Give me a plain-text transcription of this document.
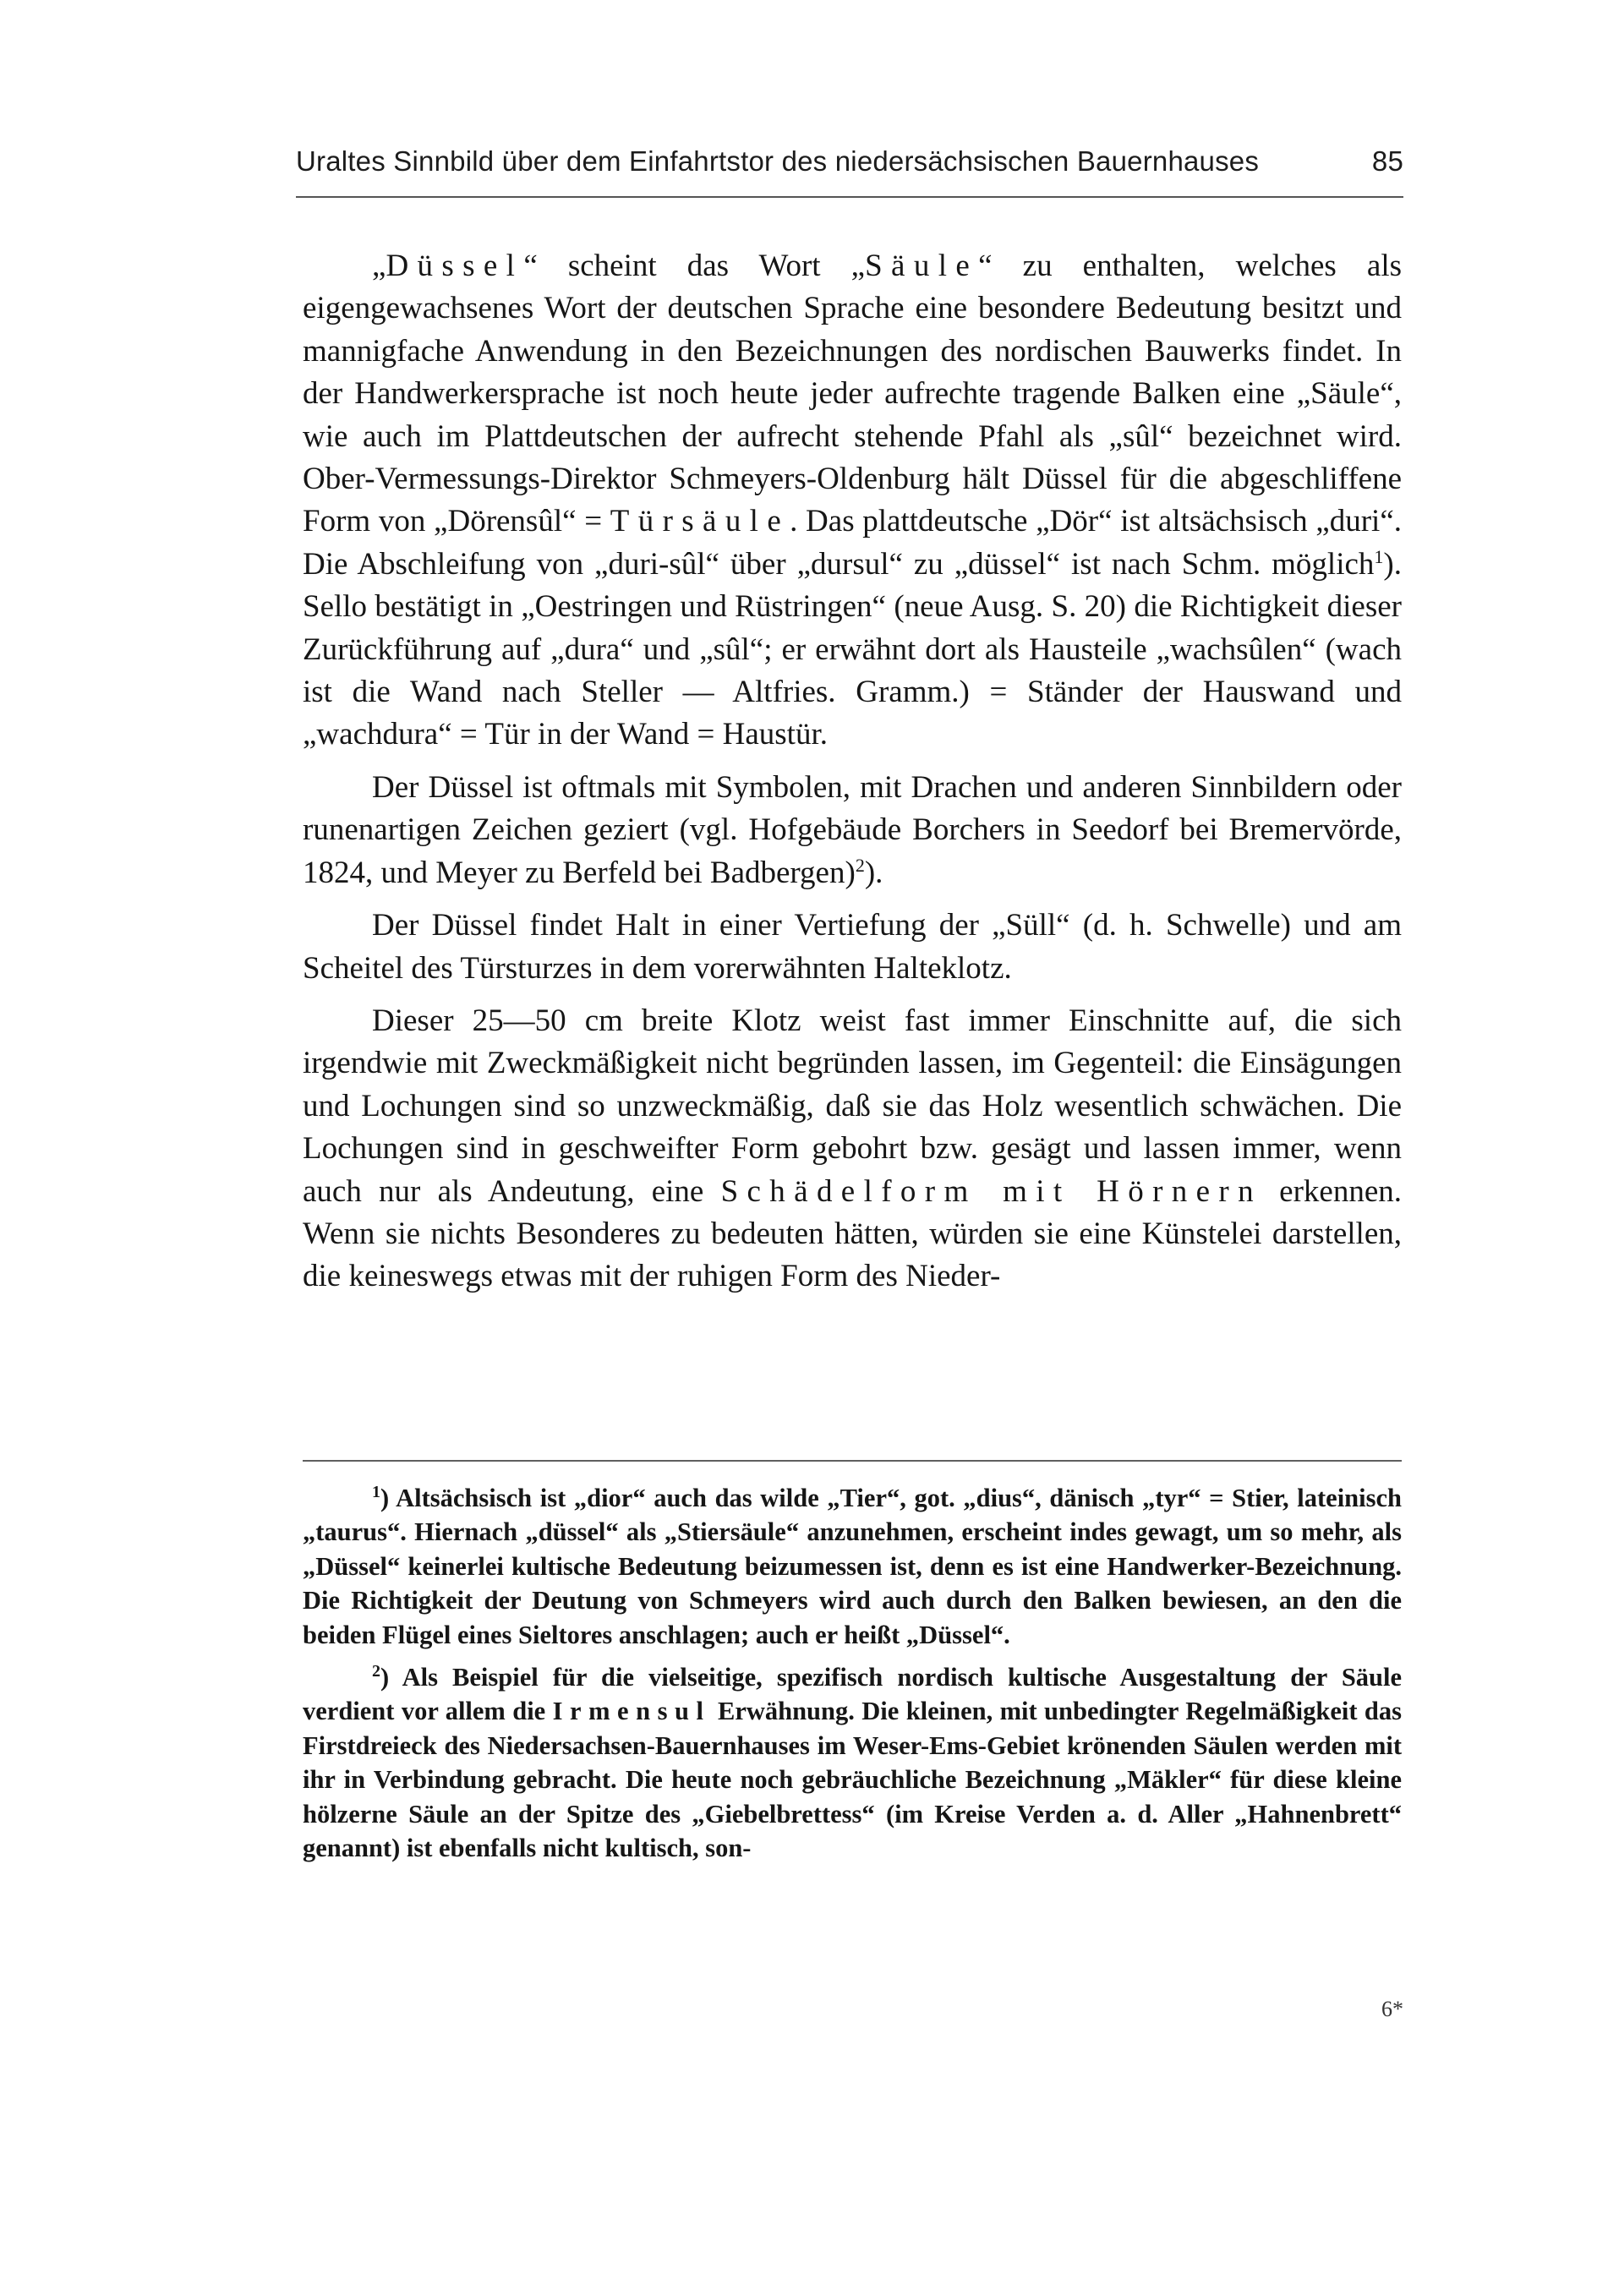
Uraltes Sinnbild über dem Einfahrtstor des niedersächsischen Bauernhauses	85

„Düssel“ scheint das Wort „Säule“ zu enthalten, welches als eigengewachsenes Wort der deutschen Sprache eine besondere Bedeutung besitzt und mannigfache Anwendung in den Bezeichnungen des nordischen Bauwerks findet. In der Handwerkersprache ist noch heute jeder aufrechte tragende Balken eine „Säule“, wie auch im Plattdeutschen der aufrecht stehende Pfahl als „sûl“ bezeichnet wird. Ober-Vermessungs-Direktor Schmeyers-Oldenburg hält Düssel für die abgeschliffene Form von „Dörensûl“ = Türsäule. Das plattdeutsche „Dör“ ist altsächsisch „duri“. Die Abschleifung von „duri-sûl“ über „dursul“ zu „düssel“ ist nach Schm. möglich$^1$). Sello bestätigt in „Oestringen und Rüstringen“ (neue Ausg. S. 20) die Richtigkeit dieser Zurückführung auf „dura“ und „sûl“; er erwähnt dort als Hausteile „wachsûlen“ (wach ist die Wand nach Steller — Altfries. Gramm.) = Ständer der Hauswand und „wachdura“ = Tür in der Wand = Haustür.

Der Düssel ist oftmals mit Symbolen, mit Drachen und anderen Sinnbildern oder runenartigen Zeichen geziert (vgl. Hofgebäude Borchers in Seedorf bei Bremervörde, 1824, und Meyer zu Berfeld bei Badbergen)$^2$).

Der Düssel findet Halt in einer Vertiefung der „Süll“ (d. h. Schwelle) und am Scheitel des Türsturzes in dem vorerwähnten Halteklotz.

Dieser 25—50 cm breite Klotz weist fast immer Einschnitte auf, die sich irgendwie mit Zweckmäßigkeit nicht begründen lassen, im Gegenteil: die Einsägungen und Lochungen sind so unzweckmäßig, daß sie das Holz wesentlich schwächen. Die Lochungen sind in geschweifter Form gebohrt bzw. gesägt und lassen immer, wenn auch nur als Andeutung, eine Schädelform mit Hörnern erkennen. Wenn sie nichts Besonderes zu bedeuten hätten, würden sie eine Künstelei darstellen, die keineswegs etwas mit der ruhigen Form des Nieder-

$^1$) Altsächsisch ist „dior“ auch das wilde „Tier“, got. „dius“, dänisch „tyr“ = Stier, lateinisch „taurus“. Hiernach „düssel“ als „Stiersäule“ anzunehmen, erscheint indes gewagt, um so mehr, als „Düssel“ keinerlei kultische Bedeutung beizumessen ist, denn es ist eine Handwerker-Bezeichnung. Die Richtigkeit der Deutung von Schmeyers wird auch durch den Balken bewiesen, an den die beiden Flügel eines Sieltores anschlagen; auch er heißt „Düssel“.

$^2$) Als Beispiel für die vielseitige, spezifisch nordisch kultische Ausgestaltung der Säule verdient vor allem die Irmensul Erwähnung. Die kleinen, mit unbedingter Regelmäßigkeit das Firstdreieck des Niedersachsen-Bauernhauses im Weser-Ems-Gebiet krönenden Säulen werden mit ihr in Verbindung gebracht. Die heute noch gebräuchliche Bezeichnung „Mäkler“ für diese kleine hölzerne Säule an der Spitze des „Giebelbrettess“ (im Kreise Verden a. d. Aller „Hahnenbrett“ genannt) ist ebenfalls nicht kultisch, son-

6*
